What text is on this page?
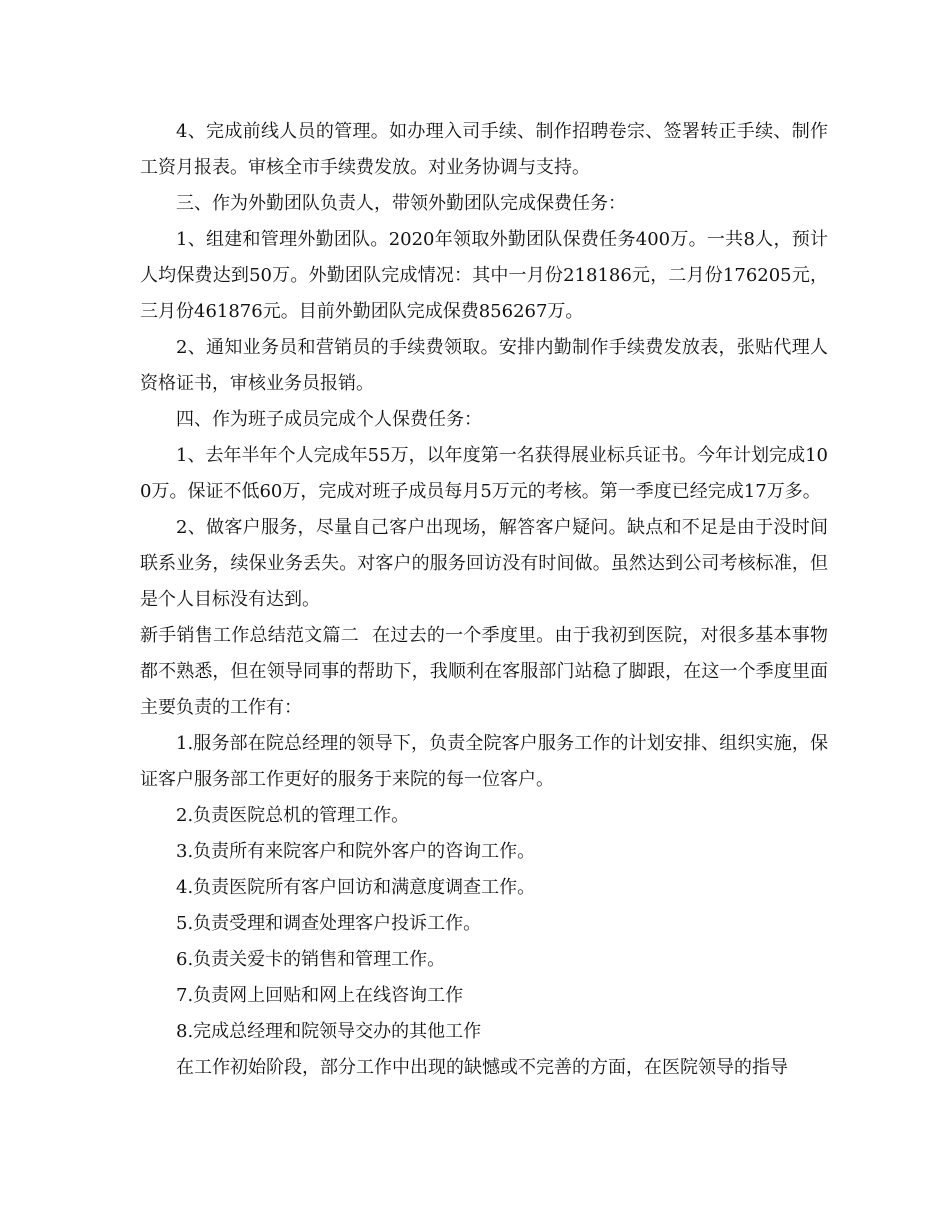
4、完成前线人员的管理。如办理入司手续、制作招聘卷宗、签署转正手续、制作工资月报表。审核全市手续费发放。对业务协调与支持。

三、作为外勤团队负责人，带领外勤团队完成保费任务：

1、组建和管理外勤团队。2020年领取外勤团队保费任务400万。一共8人，预计人均保费达到50万。外勤团队完成情况：其中一月份218186元，二月份176205元，三月份461876元。目前外勤团队完成保费856267万。

2、通知业务员和营销员的手续费领取。安排内勤制作手续费发放表，张贴代理人资格证书，审核业务员报销。

四、作为班子成员完成个人保费任务：

1、去年半年个人完成年55万，以年度第一名获得展业标兵证书。今年计划完成100万。保证不低60万，完成对班子成员每月5万元的考核。第一季度已经完成17万多。

2、做客户服务，尽量自己客户出现场，解答客户疑问。缺点和不足是由于没时间联系业务，续保业务丢失。对客户的服务回访没有时间做。虽然达到公司考核标准，但是个人目标没有达到。

新手销售工作总结范文篇二	在过去的一个季度里。由于我初到医院，对很多基本事物都不熟悉，但在领导同事的帮助下，我顺利在客服部门站稳了脚跟，在这一个季度里面主要负责的工作有：

1.服务部在院总经理的领导下，负责全院客户服务工作的计划安排、组织实施，保证客户服务部工作更好的服务于来院的每一位客户。

2.负责医院总机的管理工作。

3.负责所有来院客户和院外客户的咨询工作。

4.负责医院所有客户回访和满意度调查工作。

5.负责受理和调查处理客户投诉工作。

6.负责关爱卡的销售和管理工作。

7.负责网上回贴和网上在线咨询工作

8.完成总经理和院领导交办的其他工作

在工作初始阶段，部分工作中出现的缺憾或不完善的方面，在医院领导的指导
